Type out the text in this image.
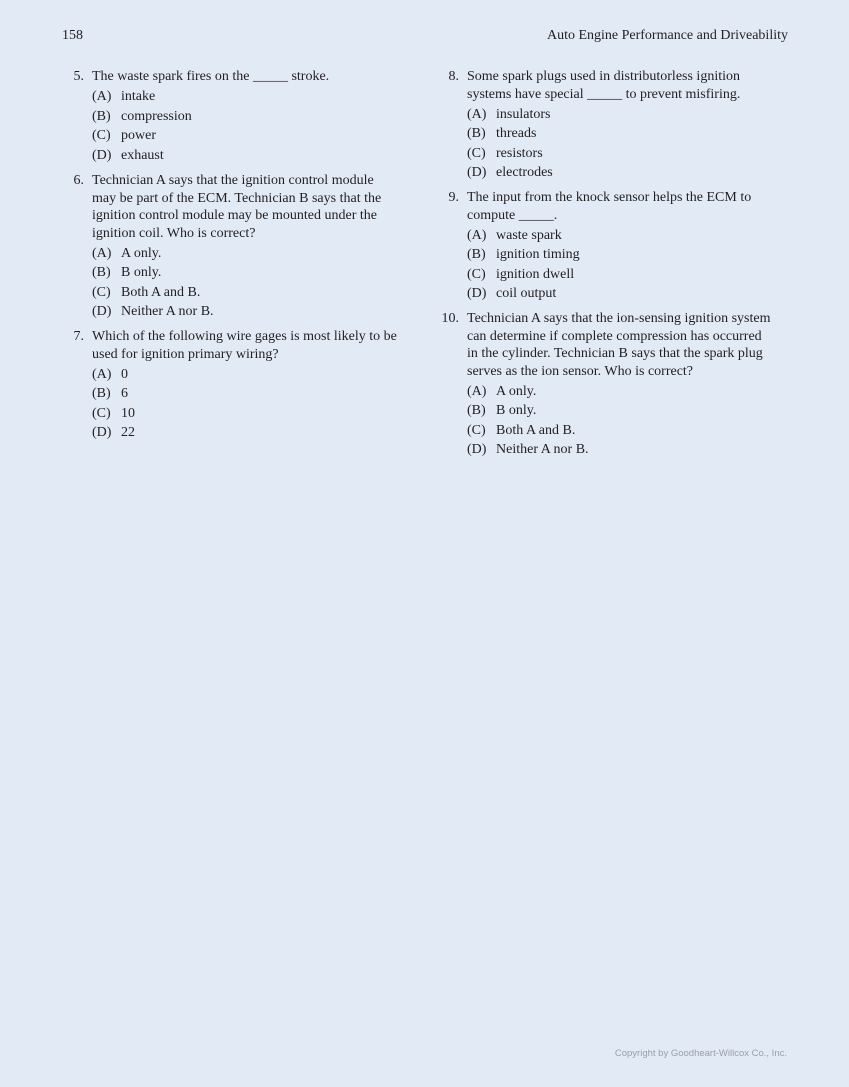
158	Auto Engine Performance and Driveability
5. The waste spark fires on the _____ stroke.
(A) intake
(B) compression
(C) power
(D) exhaust
6. Technician A says that the ignition control module
may be part of the ECM. Technician B says that the
ignition control module may be mounted under the
ignition coil. Who is correct?
(A) A only.
(B) B only.
(C) Both A and B.
(D) Neither A nor B.
7. Which of the following wire gages is most likely to be
used for ignition primary wiring?
(A) 0
(B) 6
(C) 10
(D) 22
8. Some spark plugs used in distributorless ignition
systems have special _____ to prevent misfiring.
(A) insulators
(B) threads
(C) resistors
(D) electrodes
9. The input from the knock sensor helps the ECM to
compute _____.
(A) waste spark
(B) ignition timing
(C) ignition dwell
(D) coil output
10. Technician A says that the ion-sensing ignition system
can determine if complete compression has occurred
in the cylinder. Technician B says that the spark plug
serves as the ion sensor. Who is correct?
(A) A only.
(B) B only.
(C) Both A and B.
(D) Neither A nor B.
Copyright by Goodheart-Willcox Co., Inc.
